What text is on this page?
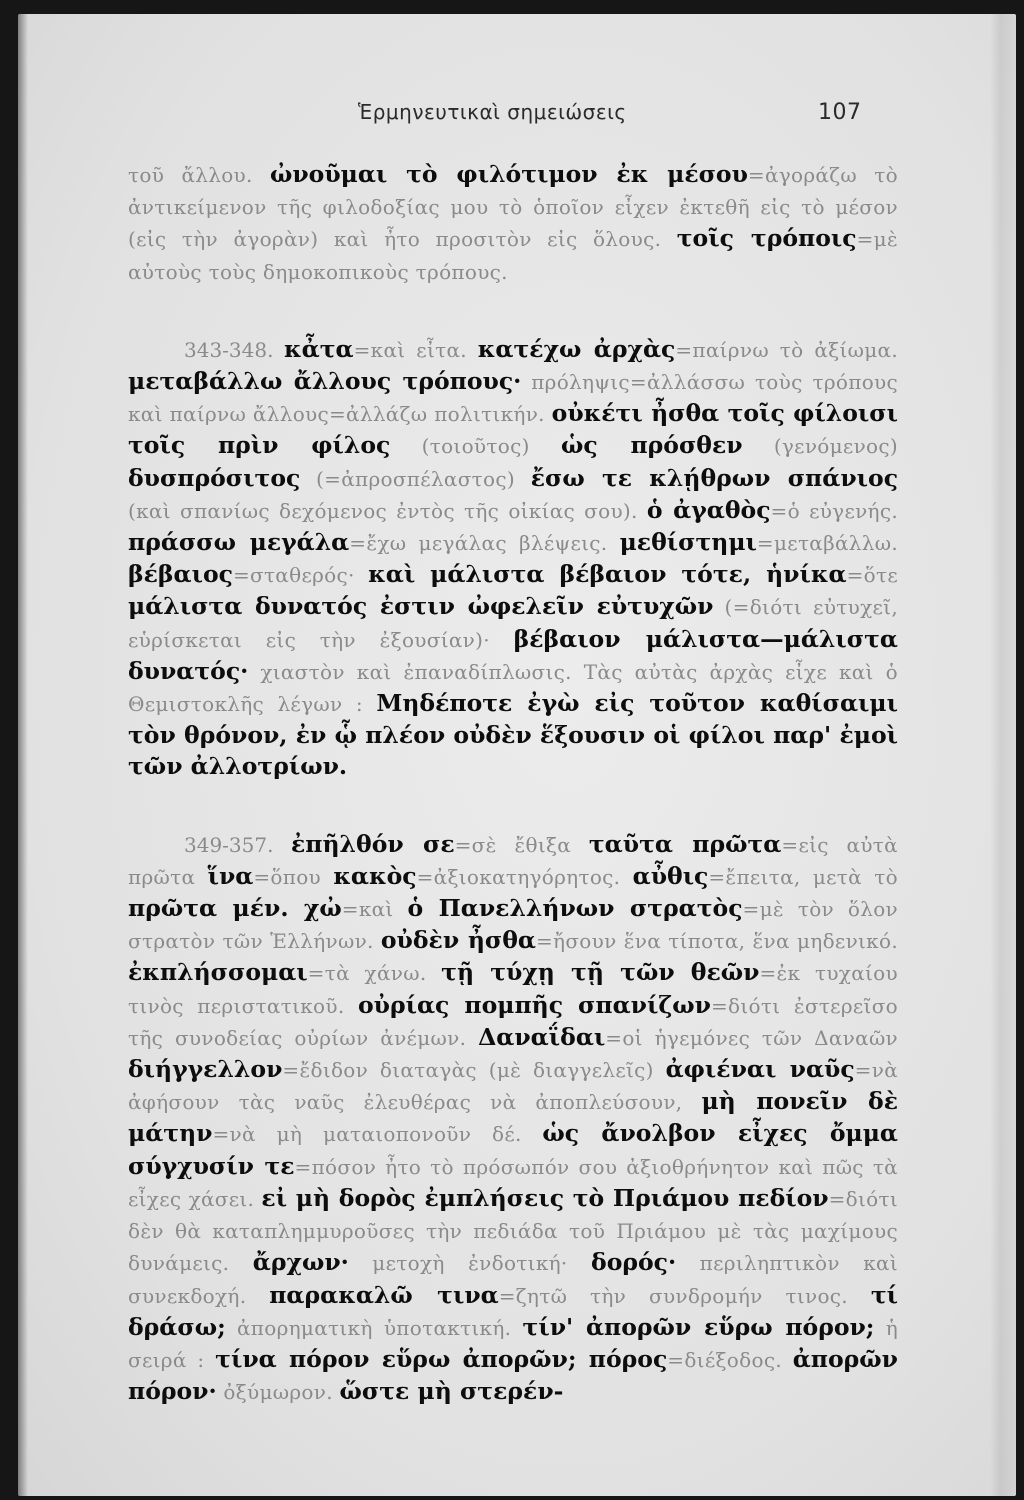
Ἑρμηνευτικαὶ σημειώσεις	107

τοῦ ἄλλου. ὠνοῦμαι τὸ φιλότιμον ἐκ μέσου=ἀγοράζω τὸ ἀντικείμενον τῆς φιλοδοξίας μου τὸ ὁποῖον εἶχεν ἐκτεθῆ εἰς τὸ μέσον (εἰς τὴν ἀγορὰν) καὶ ἦτο προσιτὸν εἰς ὅλους. τοῖς τρόποις=μὲ αὐτοὺς τοὺς δημοκοπικοὺς τρόπους.

343-348. κἆτα=καὶ εἶτα. κατέχω ἀρχὰς=παίρνω τὸ ἀξίωμα. μεταβάλλω ἄλλους τρόπους· πρόληψις=ἀλλάσσω τοὺς τρόπους καὶ παίρνω ἄλλους=ἀλλάζω πολιτικήν. οὐκέτι ἦσθα τοῖς φίλοισι τοῖς πρὶν φίλος (τοιοῦτος) ὡς πρόσθεν (γενόμενος) δυσπρόσιτος (=ἀπροσπέλαστος) ἔσω τε κλῄθρων σπάνιος (καὶ σπανίως δεχόμενος ἐντὸς τῆς οἰκίας σου). ὁ ἀγαθὸς=ὁ εὐγενής. πράσσω μεγάλα=ἔχω μεγάλας βλέψεις. μεθίστημι=μεταβάλλω. βέβαιος=σταθερός· καὶ μάλιστα βέβαιον τότε, ἡνίκα=ὅτε μάλιστα δυνατός ἐστιν ὠφελεῖν εὐτυχῶν (=διότι εὐτυχεῖ, εὑρίσκεται εἰς τὴν ἐξουσίαν)· βέβαιον μάλιστα—μάλιστα δυνατός· χιαστὸν καὶ ἐπαναδίπλωσις. Τὰς αὐτὰς ἀρχὰς εἶχε καὶ ὁ Θεμιστοκλῆς λέγων : Μηδέποτε ἐγὼ εἰς τοῦτον καθίσαιμι τὸν θρόνον, ἐν ᾧ πλέον οὐδὲν ἕξουσιν οἱ φίλοι παρ' ἐμοὶ τῶν ἀλλοτρίων.

349-357. ἐπῆλθόν σε=σὲ ἔθιξα ταῦτα πρῶτα=εἰς αὐτὰ πρῶτα ἵνα=ὅπου κακὸς=ἀξιοκατηγόρητος. αὖθις=ἔπειτα, μετὰ τὸ πρῶτα μέν. χὠ=καὶ ὁ Πανελλήνων στρατὸς=μὲ τὸν ὅλον στρατὸν τῶν Ἑλλήνων. οὐδὲν ἦσθα=ἤσουν ἕνα τίποτα, ἕνα μηδενικό. ἐκπλήσσομαι=τὰ χάνω. τῇ τύχῃ τῇ τῶν θεῶν=ἐκ τυχαίου τινὸς περιστατικοῦ. οὐρίας πομπῆς σπανίζων=διότι ἐστερεῖσο τῆς συνοδείας οὐρίων ἀνέμων. Δαναΐδαι=οἱ ἡγεμόνες τῶν Δαναῶν διήγγελλον=ἔδιδον διαταγὰς (μὲ διαγγελεῖς) ἀφιέναι ναῦς=νὰ ἀφήσουν τὰς ναῦς ἐλευθέρας νὰ ἀποπλεύσουν, μὴ πονεῖν δὲ μάτην=νὰ μὴ ματαιοπονοῦν δέ. ὡς ἄνολβον εἶχες ὄμμα σύγχυσίν τε=πόσον ἦτο τὸ πρόσωπόν σου ἀξιοθρήνητον καὶ πῶς τὰ εἶχες χάσει. εἰ μὴ δορὸς ἐμπλήσεις τὸ Πριάμου πεδίον=διότι δὲν θὰ καταπλημμυροῦσες τὴν πεδιάδα τοῦ Πριάμου μὲ τὰς μαχίμους δυνάμεις. ἄρχων· μετοχὴ ἐνδοτική· δορός· περιληπτικὸν καὶ συνεκδοχή. παρακαλῶ τινα=ζητῶ τὴν συνδρομήν τινος. τί δράσω; ἀπορηματικὴ ὑποτακτική. τίν' ἀπορῶν εὕρω πόρον; ἡ σειρά : τίνα πόρον εὕρω ἀπορῶν; πόρος=διέξοδος. ἀπορῶν πόρον· ὀξύμωρον. ὥστε μὴ στερέν-
